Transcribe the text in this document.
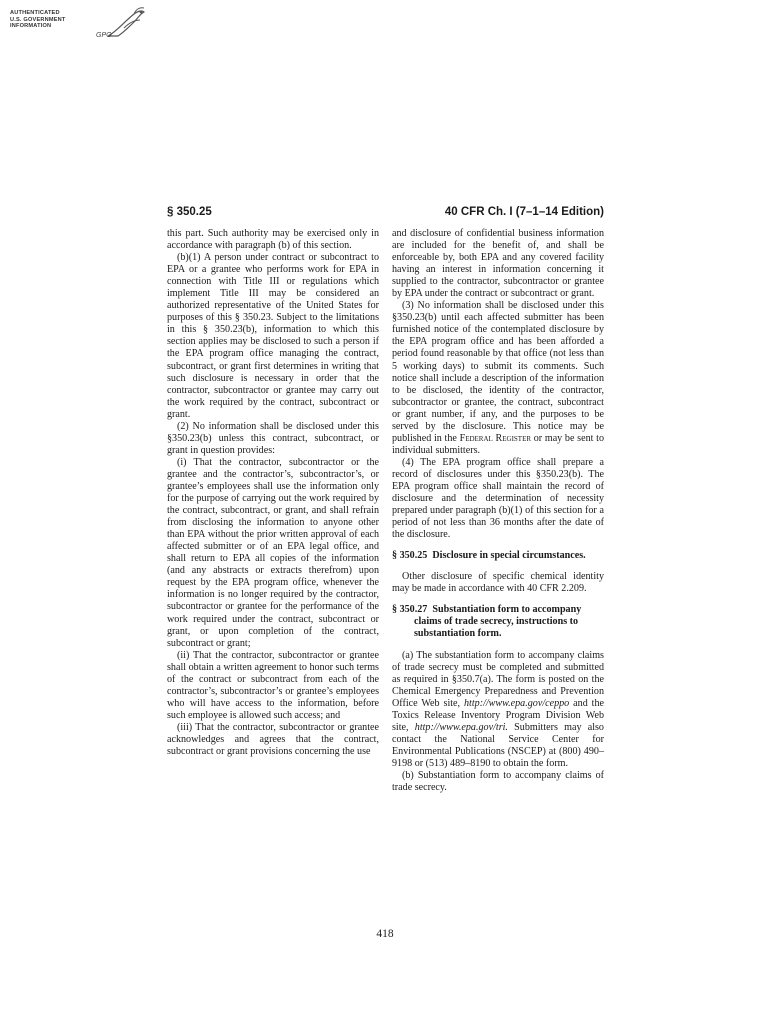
AUTHENTICATED
U.S. GOVERNMENT
INFORMATION
GPO
§ 350.25	40 CFR Ch. I (7–1–14 Edition)

this part. Such authority may be exercised only in accordance with paragraph (b) of this section.

(b)(1) A person under contract or subcontract to EPA or a grantee who performs work for EPA in connection with Title III or regulations which implement Title III may be considered an authorized representative of the United States for purposes of this § 350.23. Subject to the limitations in this § 350.23(b), information to which this section applies may be disclosed to such a person if the EPA program office managing the contract, subcontract, or grant first determines in writing that such disclosure is necessary in order that the contractor, subcontractor or grantee may carry out the work required by the contract, subcontract or grant.

(2) No information shall be disclosed under this §350.23(b) unless this contract, subcontract, or grant in question provides:

(i) That the contractor, subcontractor or the grantee and the contractor’s, subcontractor’s, or grantee’s employees shall use the information only for the purpose of carrying out the work required by the contract, subcontract, or grant, and shall refrain from disclosing the information to anyone other than EPA without the prior written approval of each affected submitter or of an EPA legal office, and shall return to EPA all copies of the information (and any abstracts or extracts therefrom) upon request by the EPA program office, whenever the information is no longer required by the contractor, subcontractor or grantee for the performance of the work required under the contract, subcontract or grant, or upon completion of the contract, subcontract or grant;

(ii) That the contractor, subcontractor or grantee shall obtain a written agreement to honor such terms of the contract or subcontract from each of the contractor’s, subcontractor’s or grantee’s employees who will have access to the information, before such employee is allowed such access; and

(iii) That the contractor, subcontractor or grantee acknowledges and agrees that the contract, subcontract or grant provisions concerning the use

and disclosure of confidential business information are included for the benefit of, and shall be enforceable by, both EPA and any covered facility having an interest in information concerning it supplied to the contractor, subcontractor or grantee by EPA under the contract or subcontract or grant.

(3) No information shall be disclosed under this §350.23(b) until each affected submitter has been furnished notice of the contemplated disclosure by the EPA program office and has been afforded a period found reasonable by that office (not less than 5 working days) to submit its comments. Such notice shall include a description of the information to be disclosed, the identity of the contractor, subcontractor or grantee, the contract, subcontract or grant number, if any, and the purposes to be served by the disclosure. This notice may be published in the Federal Register or may be sent to individual submitters.

(4) The EPA program office shall prepare a record of disclosures under this §350.23(b). The EPA program office shall maintain the record of disclosure and the determination of necessity prepared under paragraph (b)(1) of this section for a period of not less than 36 months after the date of the disclosure.

§ 350.25 Disclosure in special circumstances.

Other disclosure of specific chemical identity may be made in accordance with 40 CFR 2.209.

§ 350.27 Substantiation form to accompany claims of trade secrecy, instructions to substantiation form.

(a) The substantiation form to accompany claims of trade secrecy must be completed and submitted as required in §350.7(a). The form is posted on the Chemical Emergency Preparedness and Prevention Office Web site, http://www.epa.gov/ceppo and the Toxics Release Inventory Program Division Web site, http://www.epa.gov/tri. Submitters may also contact the National Service Center for Environmental Publications (NSCEP) at (800) 490–9198 or (513) 489–8190 to obtain the form.

(b) Substantiation form to accompany claims of trade secrecy.

418
